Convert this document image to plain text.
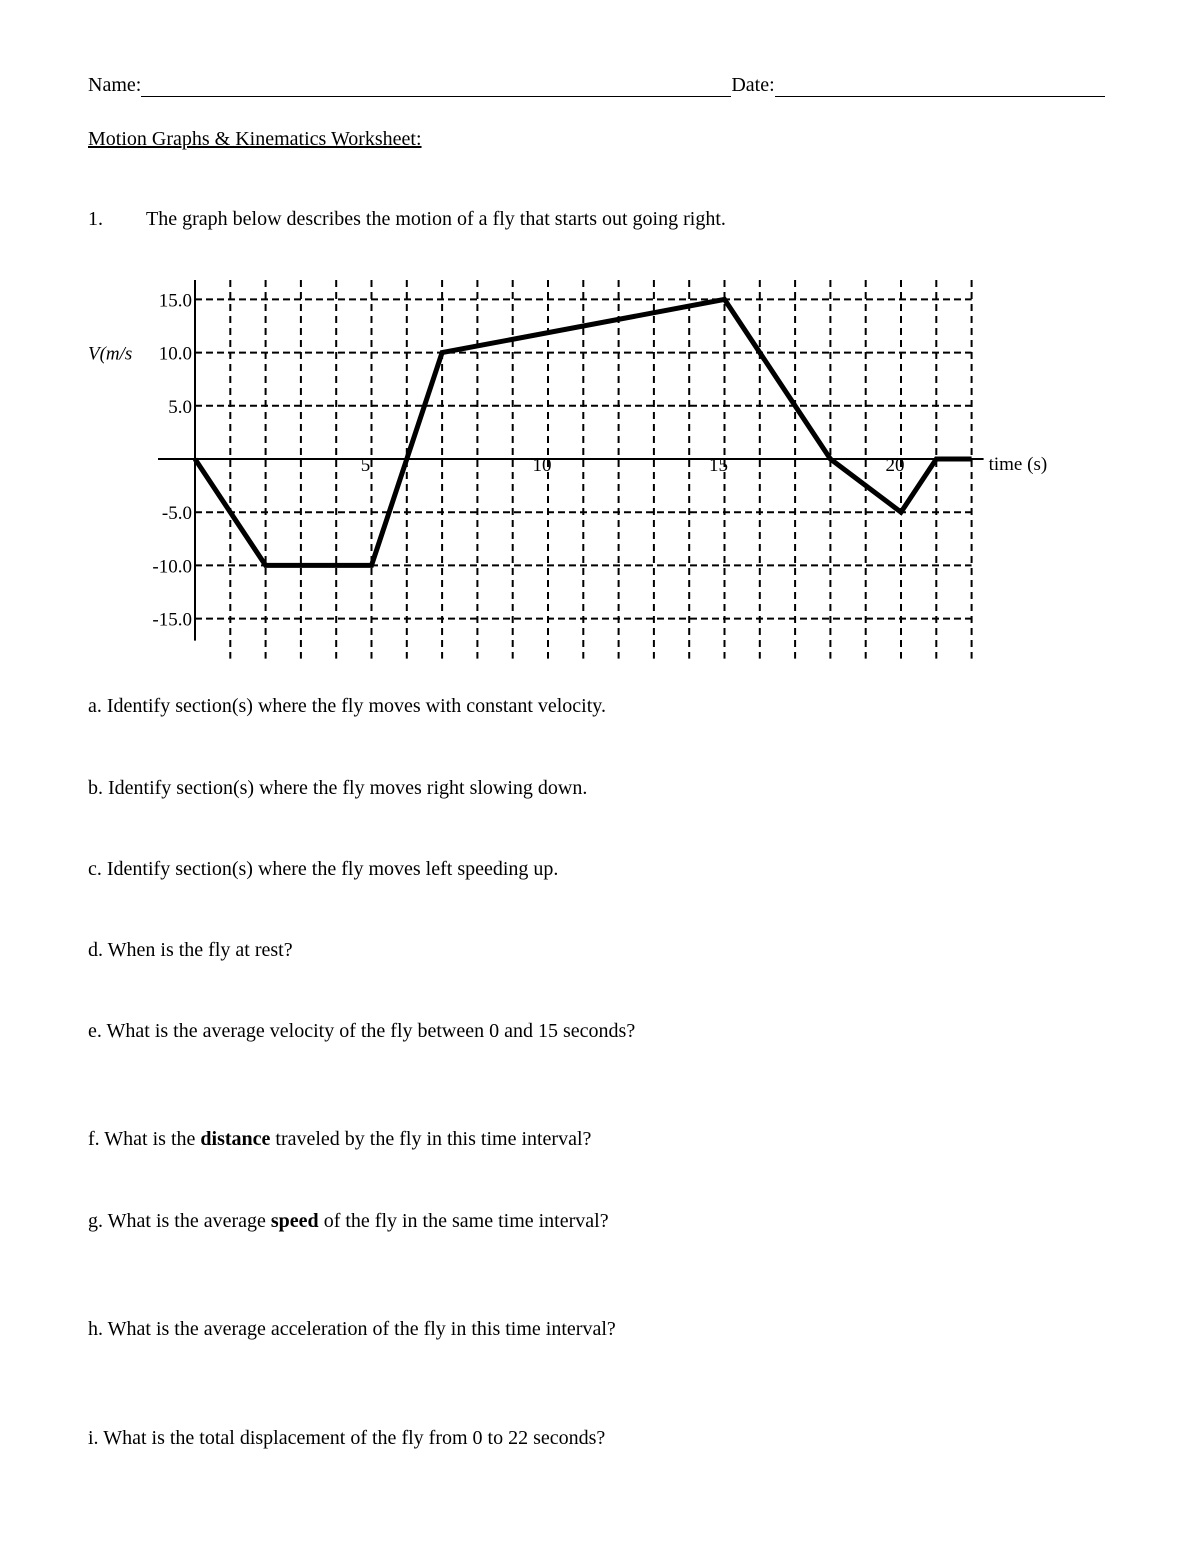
Name:	Date:
Motion Graphs & Kinematics Worksheet:
1. The graph below describes the motion of a fly that starts out going right.
15.0
10.0
5.0
-5.0
-10.0
-15.0
5	10	15	20
V(m/s
time (s)
a. Identify section(s) where the fly moves with constant velocity.
b. Identify section(s) where the fly moves right slowing down.
c. Identify section(s) where the fly moves left speeding up.
d. When is the fly at rest?
e. What is the average velocity of the fly between 0 and 15 seconds?
f. What is the distance traveled by the fly in this time interval?
g. What is the average speed of the fly in the same time interval?
h. What is the average acceleration of the fly in this time interval?
i. What is the total displacement of the fly from 0 to 22 seconds?
